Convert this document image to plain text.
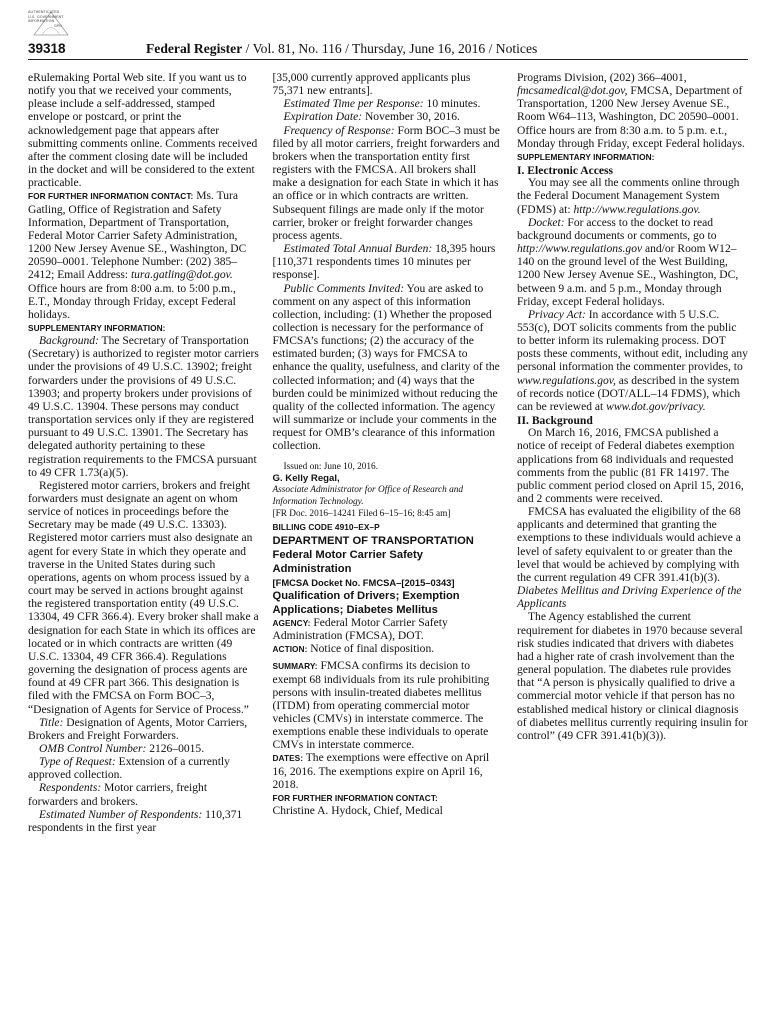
AUTHENTICATED
U.S. GOVERNMENT
INFORMATION
GPO
39318	Federal Register / Vol. 81, No. 116 / Thursday, June 16, 2016 / Notices

eRulemaking Portal Web site. If you want us to notify you that we received your comments, please include a self-addressed, stamped envelope or postcard, or print the acknowledgement page that appears after submitting comments online. Comments received after the comment closing date will be included in the docket and will be considered to the extent practicable.

FOR FURTHER INFORMATION CONTACT: Ms. Tura Gatling, Office of Registration and Safety Information, Department of Transportation, Federal Motor Carrier Safety Administration, 1200 New Jersey Avenue SE., Washington, DC 20590–0001. Telephone Number: (202) 385–2412; Email Address: tura.gatling@dot.gov. Office hours are from 8:00 a.m. to 5:00 p.m., E.T., Monday through Friday, except Federal holidays.

SUPPLEMENTARY INFORMATION:

Background: The Secretary of Transportation (Secretary) is authorized to register motor carriers under the provisions of 49 U.S.C. 13902; freight forwarders under the provisions of 49 U.S.C. 13903; and property brokers under provisions of 49 U.S.C. 13904. These persons may conduct transportation services only if they are registered pursuant to 49 U.S.C. 13901. The Secretary has delegated authority pertaining to these registration requirements to the FMCSA pursuant to 49 CFR 1.73(a)(5).

Registered motor carriers, brokers and freight forwarders must designate an agent on whom service of notices in proceedings before the Secretary may be made (49 U.S.C. 13303). Registered motor carriers must also designate an agent for every State in which they operate and traverse in the United States during such operations, agents on whom process issued by a court may be served in actions brought against the registered transportation entity (49 U.S.C. 13304, 49 CFR 366.4). Every broker shall make a designation for each State in which its offices are located or in which contracts are written (49 U.S.C. 13304, 49 CFR 366.4). Regulations governing the designation of process agents are found at 49 CFR part 366. This designation is filed with the FMCSA on Form BOC–3, “Designation of Agents for Service of Process.”

Title: Designation of Agents, Motor Carriers, Brokers and Freight Forwarders.

OMB Control Number: 2126–0015.

Type of Request: Extension of a currently approved collection.

Respondents: Motor carriers, freight forwarders and brokers.

Estimated Number of Respondents: 110,371 respondents in the first year

[35,000 currently approved applicants plus 75,371 new entrants].

Estimated Time per Response: 10 minutes.

Expiration Date: November 30, 2016.

Frequency of Response: Form BOC–3 must be filed by all motor carriers, freight forwarders and brokers when the transportation entity first registers with the FMCSA. All brokers shall make a designation for each State in which it has an office or in which contracts are written. Subsequent filings are made only if the motor carrier, broker or freight forwarder changes process agents.

Estimated Total Annual Burden: 18,395 hours [110,371 respondents times 10 minutes per response].

Public Comments Invited: You are asked to comment on any aspect of this information collection, including: (1) Whether the proposed collection is necessary for the performance of FMCSA’s functions; (2) the accuracy of the estimated burden; (3) ways for FMCSA to enhance the quality, usefulness, and clarity of the collected information; and (4) ways that the burden could be minimized without reducing the quality of the collected information. The agency will summarize or include your comments in the request for OMB’s clearance of this information collection.

Issued on: June 10, 2016.

G. Kelly Regal,

Associate Administrator for Office of Research and Information Technology.

[FR Doc. 2016–14241 Filed 6–15–16; 8:45 am]

BILLING CODE 4910–EX–P

DEPARTMENT OF TRANSPORTATION

Federal Motor Carrier Safety Administration

[FMCSA Docket No. FMCSA–[2015–0343]

Qualification of Drivers; Exemption Applications; Diabetes Mellitus

AGENCY: Federal Motor Carrier Safety Administration (FMCSA), DOT.

ACTION: Notice of final disposition.

SUMMARY: FMCSA confirms its decision to exempt 68 individuals from its rule prohibiting persons with insulin-treated diabetes mellitus (ITDM) from operating commercial motor vehicles (CMVs) in interstate commerce. The exemptions enable these individuals to operate CMVs in interstate commerce.

DATES: The exemptions were effective on April 16, 2016. The exemptions expire on April 16, 2018.

FOR FURTHER INFORMATION CONTACT:

Christine A. Hydock, Chief, Medical

Programs Division, (202) 366–4001, fmcsamedical@dot.gov, FMCSA, Department of Transportation, 1200 New Jersey Avenue SE., Room W64–113, Washington, DC 20590–0001. Office hours are from 8:30 a.m. to 5 p.m. e.t., Monday through Friday, except Federal holidays.

SUPPLEMENTARY INFORMATION:

I. Electronic Access

You may see all the comments online through the Federal Document Management System (FDMS) at: http://www.regulations.gov.

Docket: For access to the docket to read background documents or comments, go to http://www.regulations.gov and/or Room W12–140 on the ground level of the West Building, 1200 New Jersey Avenue SE., Washington, DC, between 9 a.m. and 5 p.m., Monday through Friday, except Federal holidays.

Privacy Act: In accordance with 5 U.S.C. 553(c), DOT solicits comments from the public to better inform its rulemaking process. DOT posts these comments, without edit, including any personal information the commenter provides, to www.regulations.gov, as described in the system of records notice (DOT/ALL–14 FDMS), which can be reviewed at www.dot.gov/privacy.

II. Background

On March 16, 2016, FMCSA published a notice of receipt of Federal diabetes exemption applications from 68 individuals and requested comments from the public (81 FR 14197. The public comment period closed on April 15, 2016, and 2 comments were received.

FMCSA has evaluated the eligibility of the 68 applicants and determined that granting the exemptions to these individuals would achieve a level of safety equivalent to or greater than the level that would be achieved by complying with the current regulation 49 CFR 391.41(b)(3).

Diabetes Mellitus and Driving Experience of the Applicants

The Agency established the current requirement for diabetes in 1970 because several risk studies indicated that drivers with diabetes had a higher rate of crash involvement than the general population. The diabetes rule provides that “A person is physically qualified to drive a commercial motor vehicle if that person has no established medical history or clinical diagnosis of diabetes mellitus currently requiring insulin for control” (49 CFR 391.41(b)(3)).
